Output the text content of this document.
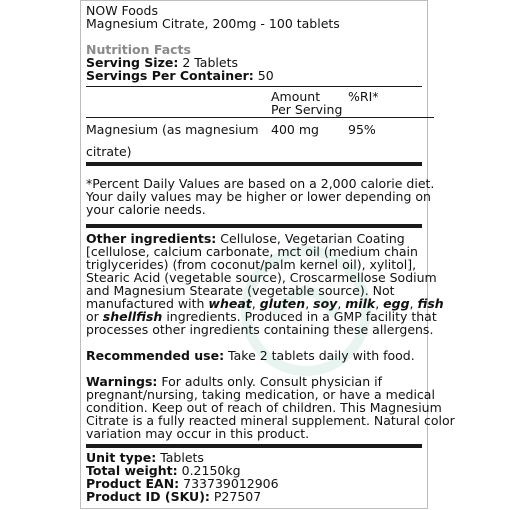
NOW Foods
Magnesium Citrate, 200mg - 100 tablets
Nutrition Facts
Serving Size: 2 Tablets
Servings Per Container: 50
Amount
Per Serving
%RI*
Magnesium (as magnesium 400 mg 95%
citrate)
*Percent Daily Values are based on a 2,000 calorie diet.
Your daily values may be higher or lower depending on
your calorie needs.
Other ingredients: Cellulose, Vegetarian Coating
[cellulose, calcium carbonate, mct oil (medium chain
triglycerides) (from coconut/palm kernel oil), xylitol],
Stearic Acid (vegetable source), Croscarmellose Sodium
and Magnesium Stearate (vegetable source). Not
manufactured with wheat, gluten, soy, milk, egg, fish
or shellfish ingredients. Produced in a GMP facility that
processes other ingredients containing these allergens.
Recommended use: Take 2 tablets daily with food.
Warnings: For adults only. Consult physician if
pregnant/nursing, taking medication, or have a medical
condition. Keep out of reach of children. This Magnesium
Citrate is a fully reacted mineral supplement. Natural color
variation may occur in this product.
Unit type: Tablets
Total weight: 0.2150kg
Product EAN: 733739012906
Product ID (SKU): P27507
